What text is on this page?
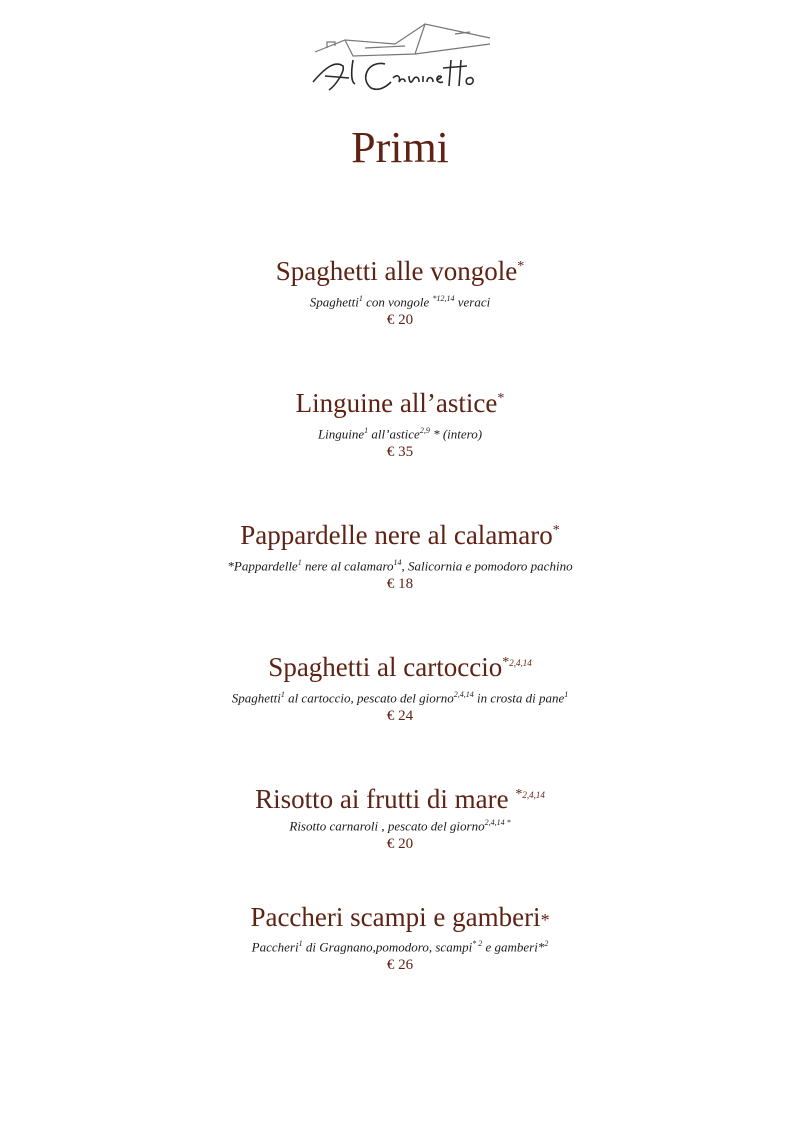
Primi
Spaghetti alle vongole*
Spaghetti$^1$ con vongole $^{*12,14}$ veraci
€ 20
Linguine all’astice*
Linguine$^1$ all’astice$^{2,9}$ * (intero)
€ 35
Pappardelle nere al calamaro*
*Pappardelle$^1$ nere al calamaro$^{14}$, Salicornia e pomodoro pachino
€ 18
Spaghetti al cartoccio$^{*2,4,14}$
Spaghetti$^1$ al cartoccio, pescato del giorno$^{2,4,14}$ in crosta di pane$^1$
€ 24
Risotto ai frutti di mare $^{*2,4,14}$
Risotto carnaroli , pescato del giorno$^{2,4,14 *}$
€ 20
Paccheri scampi e gamberi*
Paccheri$^1$ di Gragnano,pomodoro, scampi$^{* 2}$ e gamberi*$^2$
€ 26
